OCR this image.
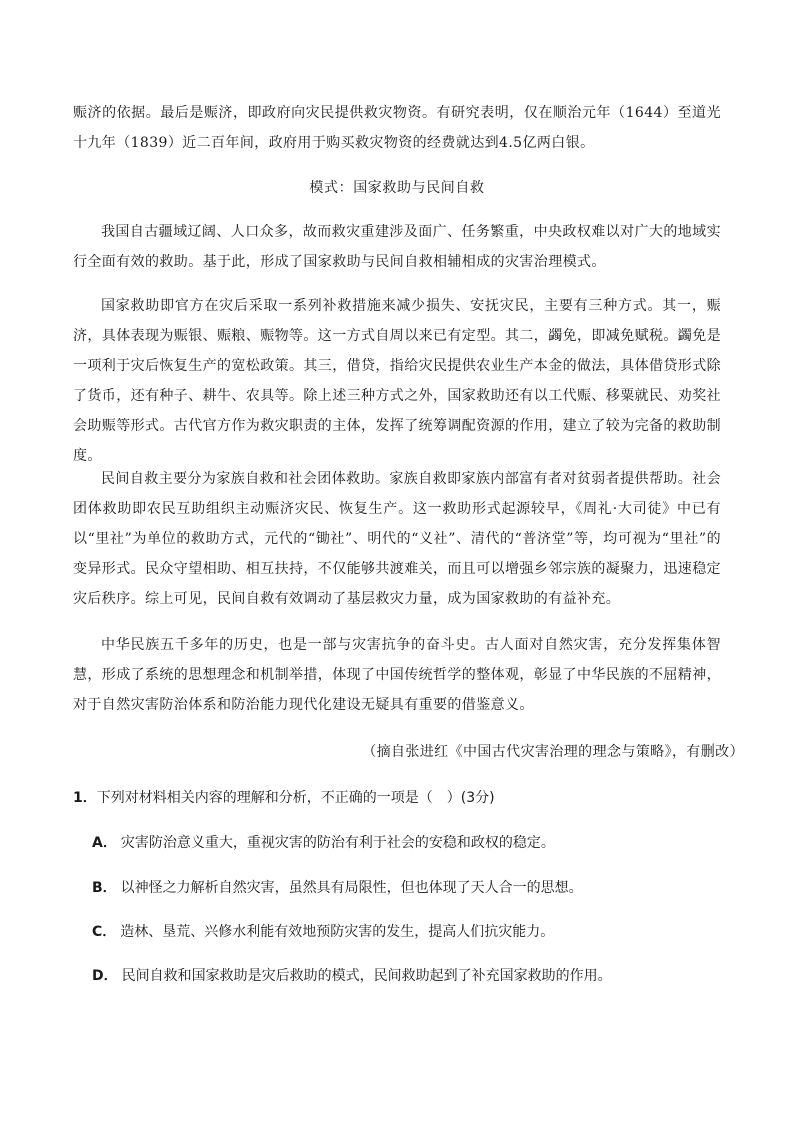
赈济的依据。最后是赈济，即政府向灾民提供救灾物资。有研究表明，仅在顺治元年（1644）至道光十九年（1839）近二百年间，政府用于购买救灾物资的经费就达到4.5亿两白银。

模式：国家救助与民间自救

我国自古疆域辽阔、人口众多，故而救灾重建涉及面广、任务繁重，中央政权难以对广大的地域实行全面有效的救助。基于此，形成了国家救助与民间自救相辅相成的灾害治理模式。

国家救助即官方在灾后采取一系列补救措施来减少损失、安抚灾民，主要有三种方式。其一，赈济，具体表现为赈银、赈粮、赈物等。这一方式自周以来已有定型。其二，蠲免，即减免赋税。蠲免是一项利于灾后恢复生产的宽松政策。其三，借贷，指给灾民提供农业生产本金的做法，具体借贷形式除了货币，还有种子、耕牛、农具等。除上述三种方式之外，国家救助还有以工代赈、移粟就民、劝奖社会助赈等形式。古代官方作为救灾职责的主体，发挥了统筹调配资源的作用，建立了较为完备的救助制度。

民间自救主要分为家族自救和社会团体救助。家族自救即家族内部富有者对贫弱者提供帮助。社会团体救助即农民互助组织主动赈济灾民、恢复生产。这一救助形式起源较早，《周礼·大司徒》中已有以“里社”为单位的救助方式，元代的“锄社”、明代的“义社”、清代的“普济堂”等，均可视为“里社”的变异形式。民众守望相助、相互扶持，不仅能够共渡难关，而且可以增强乡邻宗族的凝聚力，迅速稳定灾后秩序。综上可见，民间自救有效调动了基层救灾力量，成为国家救助的有益补充。

中华民族五千多年的历史，也是一部与灾害抗争的奋斗史。古人面对自然灾害，充分发挥集体智慧，形成了系统的思想理念和机制举措，体现了中国传统哲学的整体观，彰显了中华民族的不屈精神，对于自然灾害防治体系和防治能力现代化建设无疑具有重要的借鉴意义。

（摘自张进红《中国古代灾害治理的理念与策略》，有删改）

1．下列对材料相关内容的理解和分析，不正确的一项是（　）(3分)

A． 灾害防治意义重大，重视灾害的防治有利于社会的安稳和政权的稳定。

B． 以神怪之力解析自然灾害，虽然具有局限性，但也体现了天人合一的思想。

C． 造林、垦荒、兴修水利能有效地预防灾害的发生，提高人们抗灾能力。

D． 民间自救和国家救助是灾后救助的模式，民间救助起到了补充国家救助的作用。
